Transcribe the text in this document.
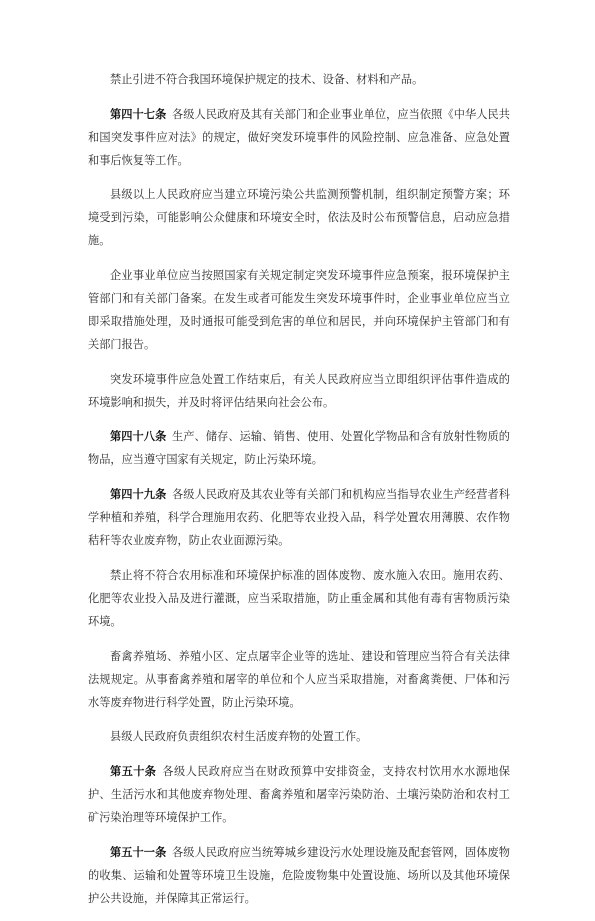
禁止引进不符合我国环境保护规定的技术、设备、材料和产品。

第四十七条  各级人民政府及其有关部门和企业事业单位，应当依照《中华人民共和国突发事件应对法》的规定，做好突发环境事件的风险控制、应急准备、应急处置和事后恢复等工作。

县级以上人民政府应当建立环境污染公共监测预警机制，组织制定预警方案；环境受到污染，可能影响公众健康和环境安全时，依法及时公布预警信息，启动应急措施。

企业事业单位应当按照国家有关规定制定突发环境事件应急预案，报环境保护主管部门和有关部门备案。在发生或者可能发生突发环境事件时，企业事业单位应当立即采取措施处理，及时通报可能受到危害的单位和居民，并向环境保护主管部门和有关部门报告。

突发环境事件应急处置工作结束后，有关人民政府应当立即组织评估事件造成的环境影响和损失，并及时将评估结果向社会公布。

第四十八条  生产、储存、运输、销售、使用、处置化学物品和含有放射性物质的物品，应当遵守国家有关规定，防止污染环境。

第四十九条  各级人民政府及其农业等有关部门和机构应当指导农业生产经营者科学种植和养殖，科学合理施用农药、化肥等农业投入品，科学处置农用薄膜、农作物秸秆等农业废弃物，防止农业面源污染。

禁止将不符合农用标准和环境保护标准的固体废物、废水施入农田。施用农药、化肥等农业投入品及进行灌溉，应当采取措施，防止重金属和其他有毒有害物质污染环境。

畜禽养殖场、养殖小区、定点屠宰企业等的选址、建设和管理应当符合有关法律法规规定。从事畜禽养殖和屠宰的单位和个人应当采取措施，对畜禽粪便、尸体和污水等废弃物进行科学处置，防止污染环境。

县级人民政府负责组织农村生活废弃物的处置工作。

第五十条  各级人民政府应当在财政预算中安排资金，支持农村饮用水水源地保护、生活污水和其他废弃物处理、畜禽养殖和屠宰污染防治、土壤污染防治和农村工矿污染治理等环境保护工作。

第五十一条  各级人民政府应当统筹城乡建设污水处理设施及配套管网，固体废物的收集、运输和处置等环境卫生设施，危险废物集中处置设施、场所以及其他环境保护公共设施，并保障其正常运行。
